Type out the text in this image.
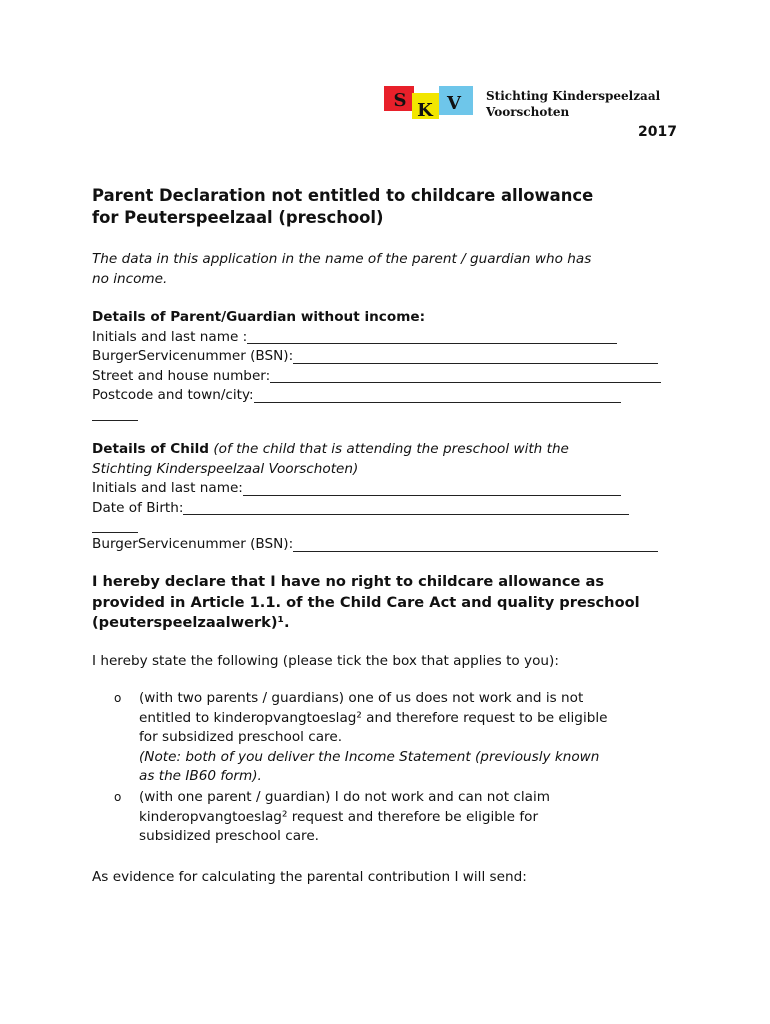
S K V Stichting Kinderspeelzaal
Voorschoten
2017
Parent Declaration not entitled to childcare allowance
for Peuterspeelzaal (preschool)
The data in this application in the name of the parent / guardian who has
no income.
Details of Parent/Guardian without income:
Initials and last name :
BurgerServicenummer (BSN):
Street and house number:
Postcode and town/city:
Details of Child (of the child that is attending the preschool with the
Stichting Kinderspeelzaal Voorschoten)
Initials and last name:
Date of Birth:
BurgerServicenummer (BSN):
I hereby declare that I have no right to childcare allowance as
provided in Article 1.1. of the Child Care Act and quality preschool
(peuterspeelzaalwerk)¹.
I hereby state the following (please tick the box that applies to you):
o	(with two parents / guardians) one of us does not work and is not
entitled to kinderopvangtoeslag² and therefore request to be eligible
for subsidized preschool care.
(Note: both of you deliver the Income Statement (previously known
as the IB60 form).
o	(with one parent / guardian) I do not work and can not claim
kinderopvangtoeslag² request and therefore be eligible for
subsidized preschool care.
As evidence for calculating the parental contribution I will send:
